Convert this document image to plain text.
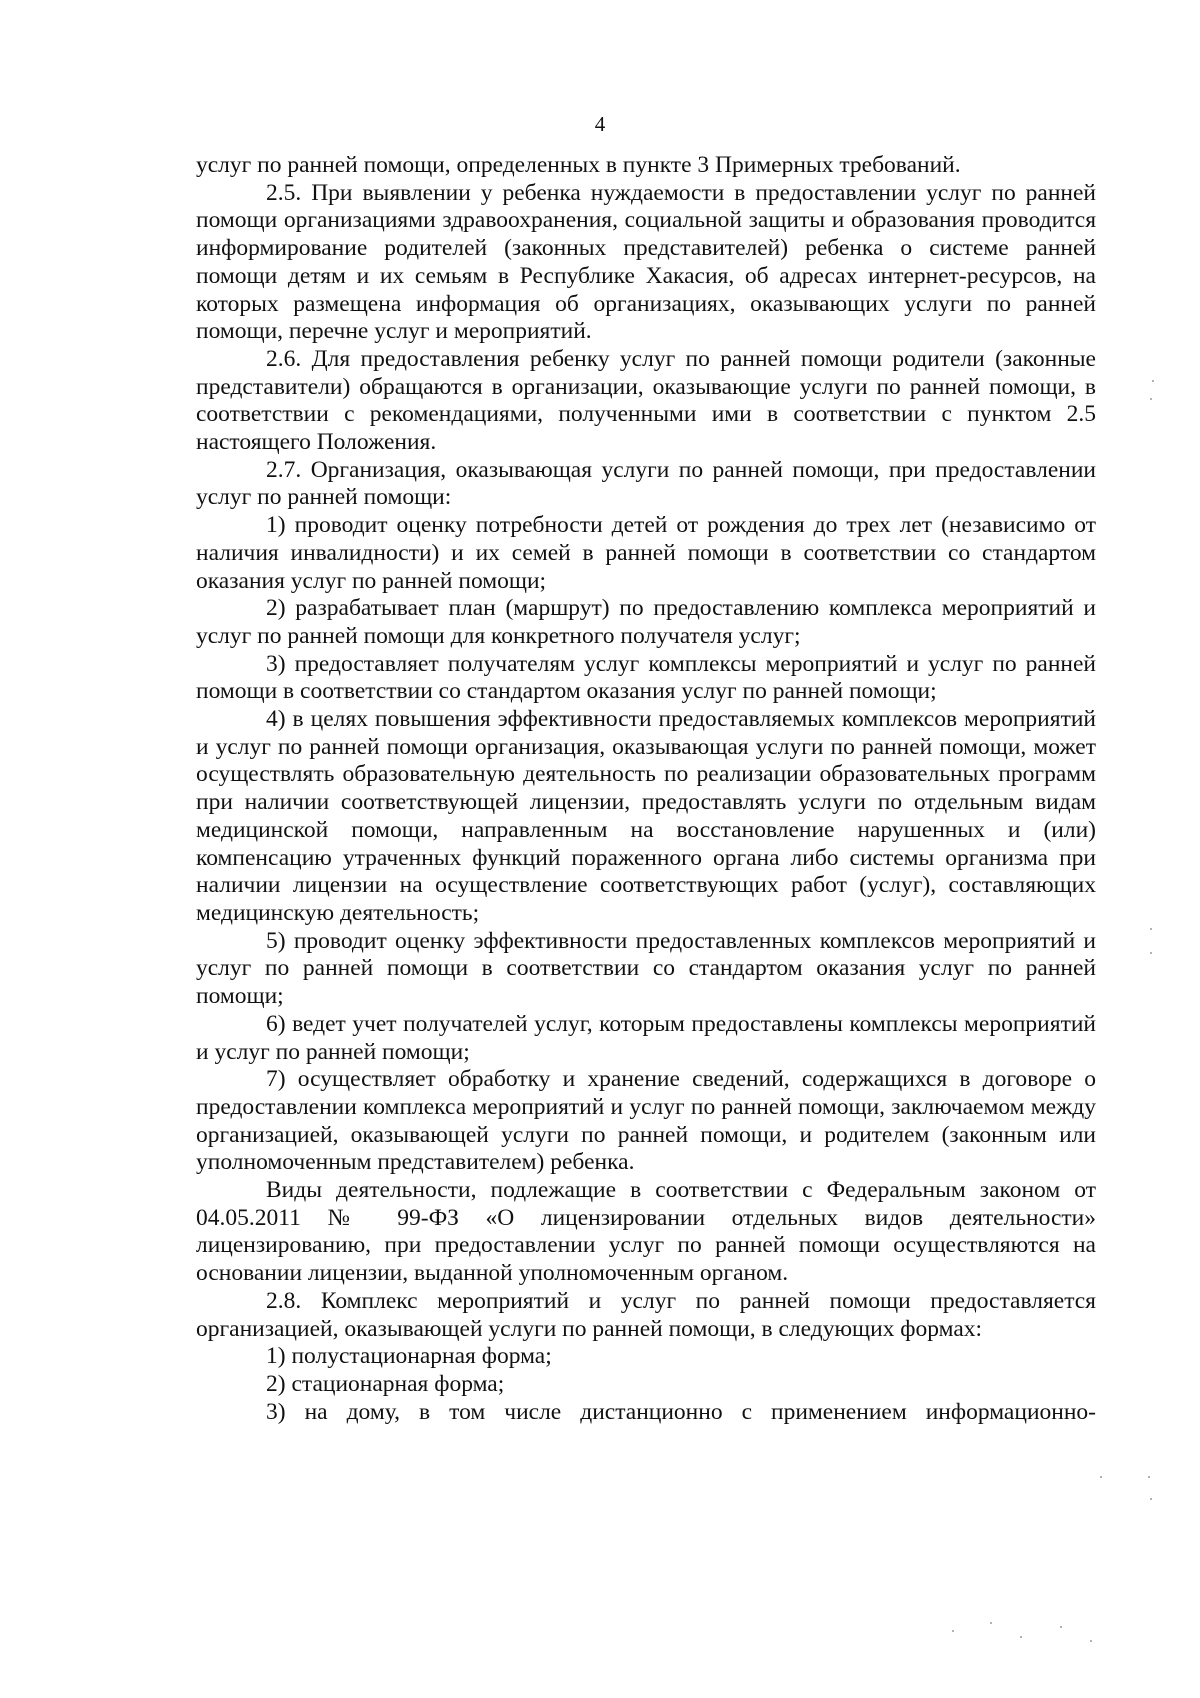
4

услуг по ранней помощи, определенных в пункте 3 Примерных требований.

2.5. При выявлении у ребенка нуждаемости в предоставлении услуг по ранней помощи организациями здравоохранения, социальной защиты и образования проводится информирование родителей (законных представителей) ребенка о системе ранней помощи детям и их семьям в Республике Хакасия, об адресах интернет-ресурсов, на которых размещена информация об организациях, оказывающих услуги по ранней помощи, перечне услуг и мероприятий.

2.6. Для предоставления ребенку услуг по ранней помощи родители (законные представители) обращаются в организации, оказывающие услуги по ранней помощи, в соответствии с рекомендациями, полученными ими в соответствии с пунктом 2.5 настоящего Положения.

2.7. Организация, оказывающая услуги по ранней помощи, при предоставлении услуг по ранней помощи:

1) проводит оценку потребности детей от рождения до трех лет (независимо от наличия инвалидности) и их семей в ранней помощи в соответствии со стандартом оказания услуг по ранней помощи;

2) разрабатывает план (маршрут) по предоставлению комплекса мероприятий и услуг по ранней помощи для конкретного получателя услуг;

3) предоставляет получателям услуг комплексы мероприятий и услуг по ранней помощи в соответствии со стандартом оказания услуг по ранней помощи;

4) в целях повышения эффективности предоставляемых комплексов мероприятий и услуг по ранней помощи организация, оказывающая услуги по ранней помощи, может осуществлять образовательную деятельность по реализации образовательных программ при наличии соответствующей лицензии, предоставлять услуги по отдельным видам медицинской помощи, направленным на восстановление нарушенных и (или) компенсацию утраченных функций пораженного органа либо системы организма при наличии лицензии на осуществление соответствующих работ (услуг), составляющих медицинскую деятельность;

5) проводит оценку эффективности предоставленных комплексов мероприятий и услуг по ранней помощи в соответствии со стандартом оказания услуг по ранней помощи;

6) ведет учет получателей услуг, которым предоставлены комплексы мероприятий и услуг по ранней помощи;

7) осуществляет обработку и хранение сведений, содержащихся в договоре о предоставлении комплекса мероприятий и услуг по ранней помощи, заключаемом между организацией, оказывающей услуги по ранней помощи, и родителем (законным или уполномоченным представителем) ребенка.

Виды деятельности, подлежащие в соответствии с Федеральным законом от 04.05.2011 № 99-ФЗ «О лицензировании отдельных видов деятельности» лицензированию, при предоставлении услуг по ранней помощи осуществляются на основании лицензии, выданной уполномоченным органом.

2.8. Комплекс мероприятий и услуг по ранней помощи предоставляется организацией, оказывающей услуги по ранней помощи, в следующих формах:

1) полустационарная форма;

2) стационарная форма;

3) на дому, в том числе дистанционно с применением информационно-
